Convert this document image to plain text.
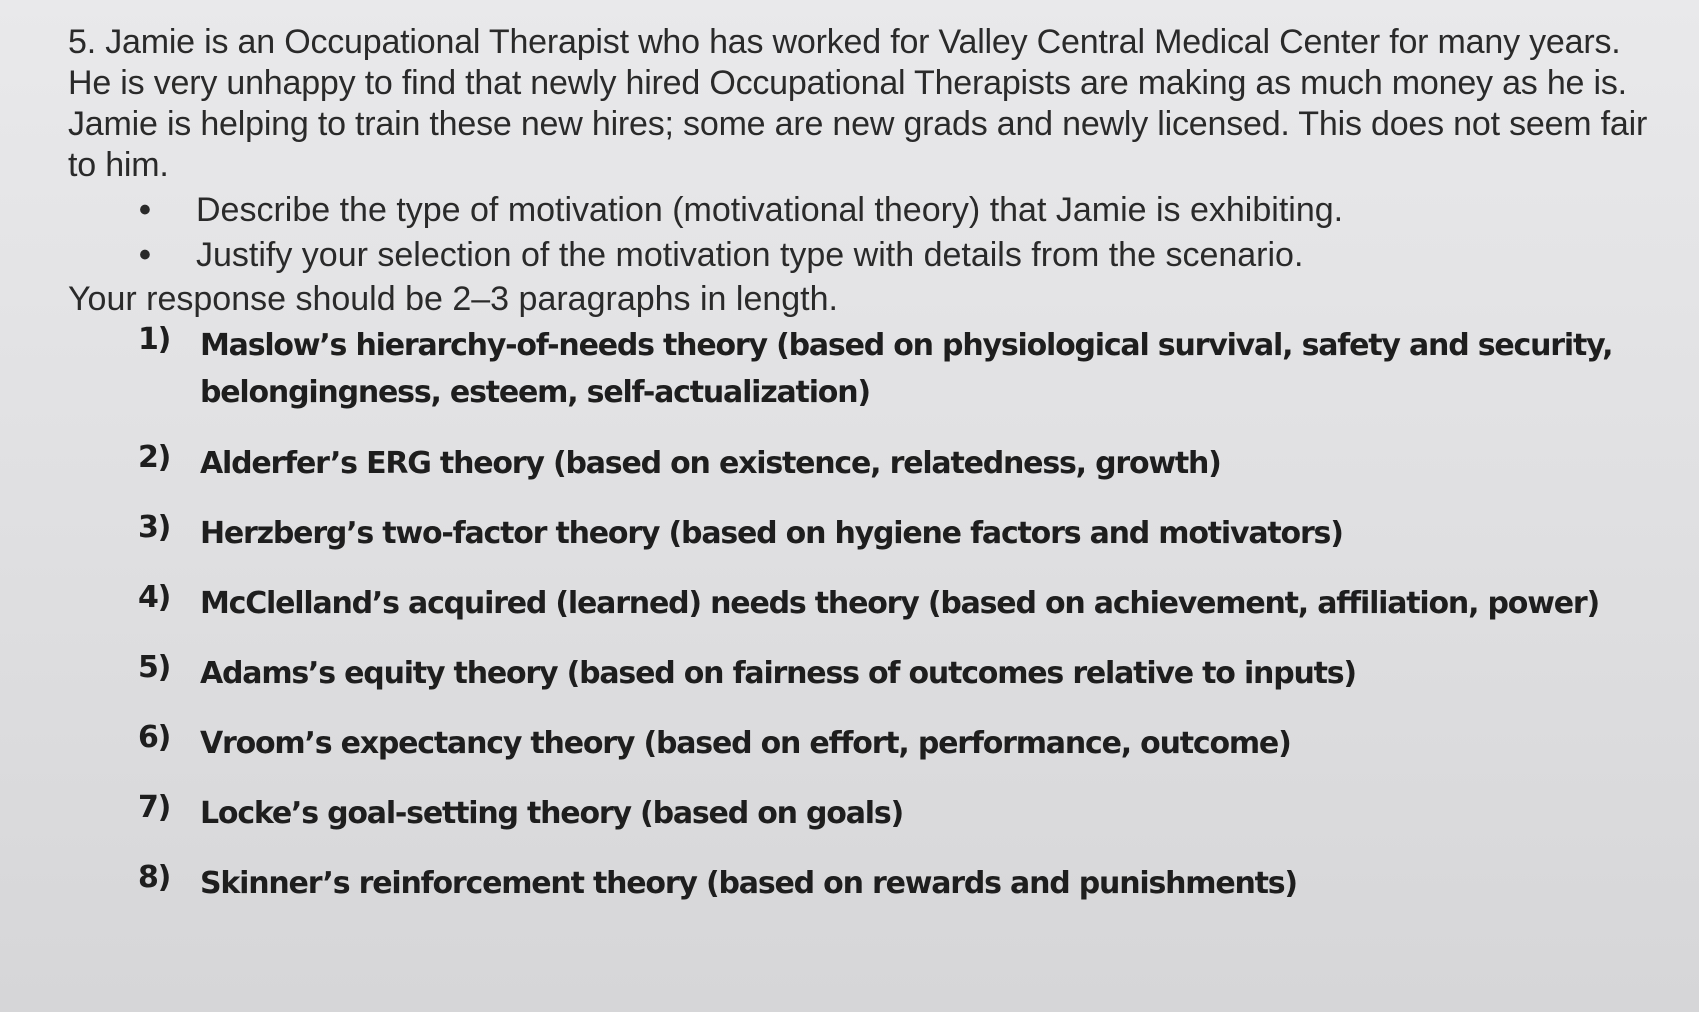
5. Jamie is an Occupational Therapist who has worked for Valley Central Medical Center for many years. He is very unhappy to find that newly hired Occupational Therapists are making as much money as he is. Jamie is helping to train these new hires; some are new grads and newly licensed. This does not seem fair to him.

• Describe the type of motivation (motivational theory) that Jamie is exhibiting.
• Justify your selection of the motivation type with details from the scenario.

Your response should be 2–3 paragraphs in length.

1) Maslow’s hierarchy-of-needs theory (based on physiological survival, safety and security, belongingness, esteem, self-actualization)
2) Alderfer’s ERG theory (based on existence, relatedness, growth)
3) Herzberg’s two-factor theory (based on hygiene factors and motivators)
4) McClelland’s acquired (learned) needs theory (based on achievement, affiliation, power)
5) Adams’s equity theory (based on fairness of outcomes relative to inputs)
6) Vroom’s expectancy theory (based on effort, performance, outcome)
7) Locke’s goal-setting theory (based on goals)
8) Skinner’s reinforcement theory (based on rewards and punishments)
